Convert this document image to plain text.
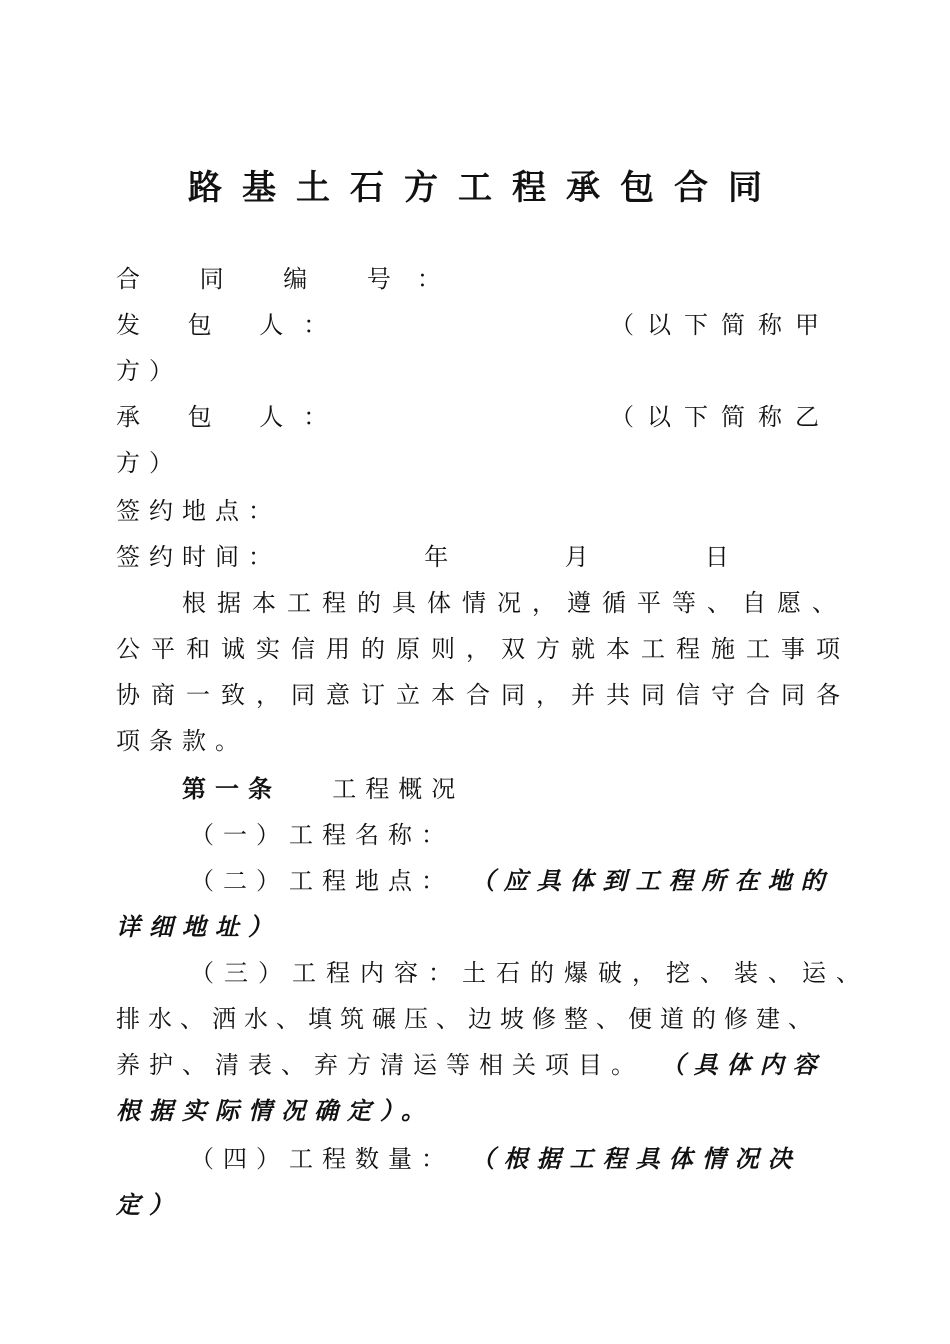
路基土石方工程承包合同
合 同 编 号：
发 包 人：	（以下简称甲
方）
承 包 人：	（以下简称乙
方）
签约地点：
签约时间：	年	月	日
根据本工程的具体情况，遵循平等、自愿、
公平和诚实信用的原则，双方就本工程施工事项
协商一致，同意订立本合同，并共同信守合同各
项条款。
第一条 工程概况
（一）工程名称：
（二）工程地点： （应具体到工程所在地的
详细地址）
（三）工程内容：土石的爆破，挖、装、运、
排水、洒水、填筑碾压、边坡修整、便道的修建、
养护、清表、弃方清运等相关项目。 （具体内容
根据实际情况确定）。
（四）工程数量： （根据工程具体情况决
定）
